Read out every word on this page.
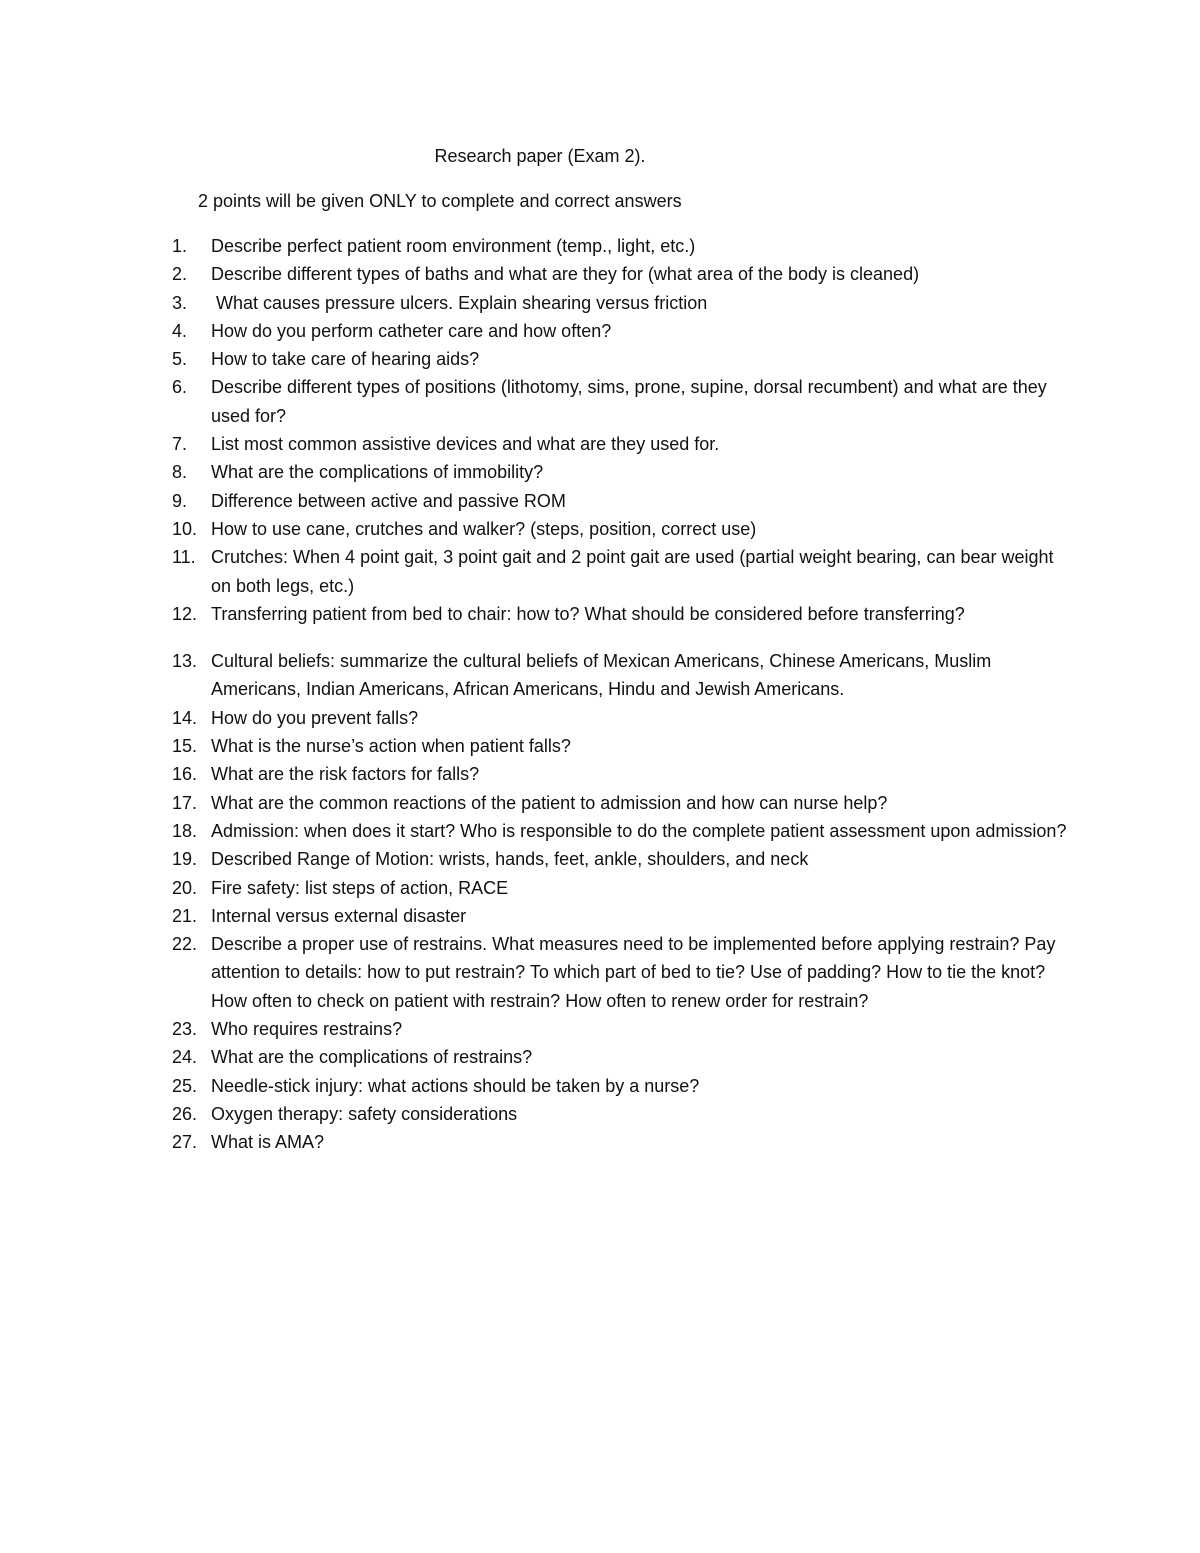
Research paper (Exam 2).
2 points will be given ONLY to complete and correct answers
1.	Describe perfect patient room environment (temp., light, etc.)
2.	Describe different types of baths and what are they for (what area of the body is cleaned)
3.	What causes pressure ulcers. Explain shearing versus friction
4.	How do you perform catheter care and how often?
5.	How to take care of hearing aids?
6.	Describe different types of positions (lithotomy, sims, prone, supine, dorsal recumbent) and what are they used for?
7.	List most common assistive devices and what are they used for.
8.	What are the complications of immobility?
9.	Difference between active and passive ROM
10. How to use cane, crutches and walker? (steps, position, correct use)
11. Crutches: When 4 point gait, 3 point gait and 2 point gait are used (partial weight bearing, can bear weight on both legs, etc.)
12. Transferring patient from bed to chair: how to? What should be considered before transferring?
13. Cultural beliefs: summarize the cultural beliefs of Mexican Americans, Chinese Americans, Muslim Americans, Indian Americans, African Americans, Hindu and Jewish Americans.
14. How do you prevent falls?
15. What is the nurse’s action when patient falls?
16. What are the risk factors for falls?
17. What are the common reactions of the patient to admission and how can nurse help?
18. Admission: when does it start? Who is responsible to do the complete patient assessment upon admission?
19. Described Range of Motion: wrists, hands, feet, ankle, shoulders, and neck
20. Fire safety: list steps of action, RACE
21. Internal versus external disaster
22. Describe a proper use of restrains. What measures need to be implemented before applying restrain? Pay attention to details: how to put restrain? To which part of bed to tie? Use of padding? How to tie the knot? How often to check on patient with restrain? How often to renew order for restrain?
23. Who requires restrains?
24. What are the complications of restrains?
25. Needle-stick injury: what actions should be taken by a nurse?
26. Oxygen therapy: safety considerations
27. What is AMA?
